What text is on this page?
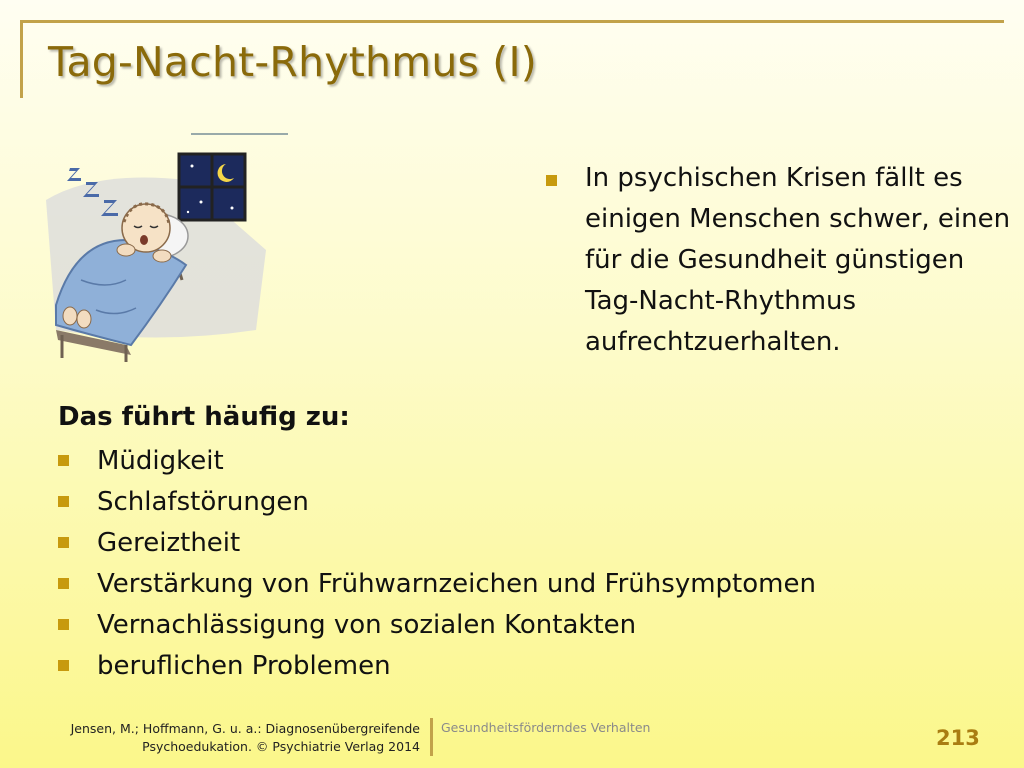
Tag-Nacht-Rhythmus (I)
In psychischen Krisen fällt es einigen Menschen schwer, einen für die Gesundheit günstigen Tag-Nacht-Rhythmus aufrechtzuerhalten.
Das führt häufig zu:
Müdigkeit
Schlafstörungen
Gereiztheit
Verstärkung von Frühwarnzeichen und Frühsymptomen
Vernachlässigung von sozialen Kontakten
beruflichen Problemen
Jensen, M.; Hoffmann, G. u. a.: Diagnosenübergreifende
Psychoedukation. © Psychiatrie Verlag 2014
Gesundheitsförderndes Verhalten	213
